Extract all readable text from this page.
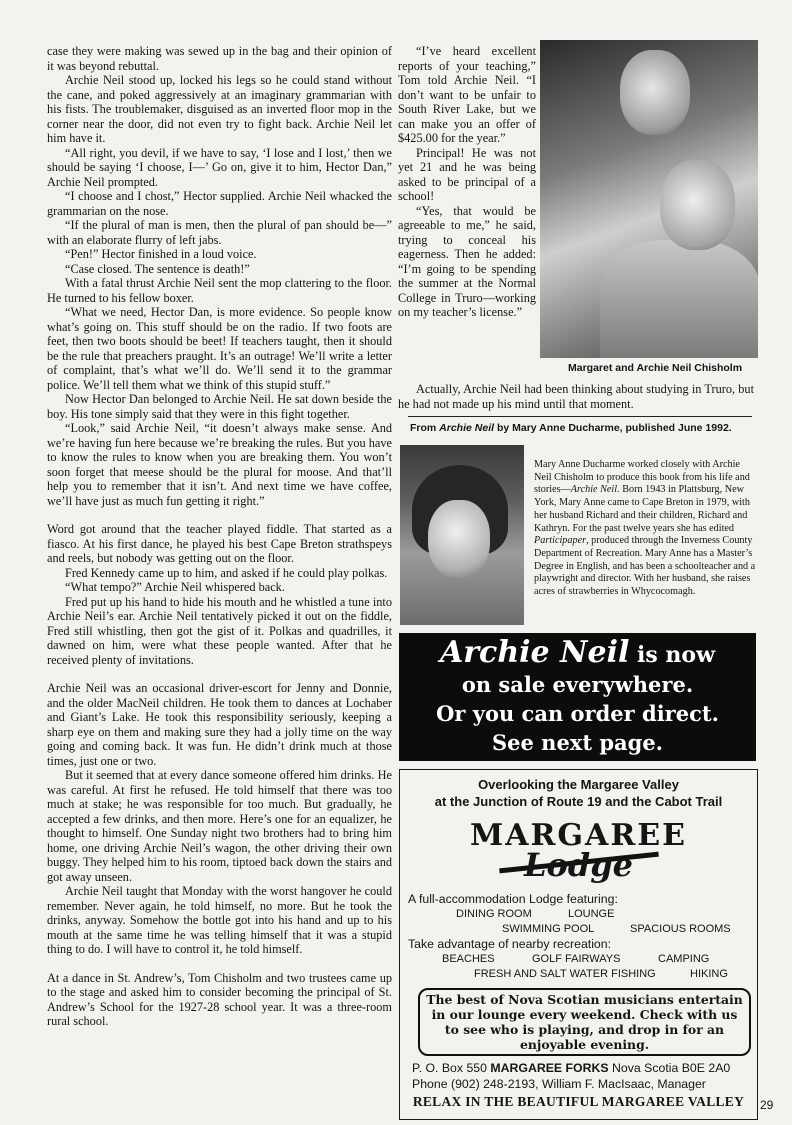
case they were making was sewed up in the bag and their opinion of it was beyond rebuttal.

Archie Neil stood up, locked his legs so he could stand without the cane, and poked aggressively at an imaginary grammarian with his fists. The troublemaker, disguised as an inverted floor mop in the corner near the door, did not even try to fight back. Archie Neil let him have it.

“All right, you devil, if we have to say, ‘I lose and I lost,’ then we should be saying ‘I choose, I—’ Go on, give it to him, Hector Dan,” Archie Neil prompted.

“I choose and I chost,” Hector supplied. Archie Neil whacked the grammarian on the nose.

“If the plural of man is men, then the plural of pan should be—” with an elaborate flurry of left jabs.

“Pen!” Hector finished in a loud voice.

“Case closed. The sentence is death!”

With a fatal thrust Archie Neil sent the mop clattering to the floor. He turned to his fellow boxer.

“What we need, Hector Dan, is more evidence. So people know what’s going on. This stuff should be on the radio. If two foots are feet, then two boots should be beet! If teachers taught, then it should be the rule that preachers praught. It’s an outrage! We’ll write a letter of complaint, that’s what we’ll do. We’ll send it to the grammar police. We’ll tell them what we think of this stupid stuff.”

Now Hector Dan belonged to Archie Neil. He sat down beside the boy. His tone simply said that they were in this fight together.

“Look,” said Archie Neil, “it doesn’t always make sense. And we’re having fun here because we’re breaking the rules. But you have to know the rules to know when you are breaking them. You won’t soon forget that meese should be the plural for moose. And that’ll help you to remember that it isn’t. And next time we have coffee, we’ll have just as much fun getting it right.”

Word got around that the teacher played fiddle. That started as a fiasco. At his first dance, he played his best Cape Breton strathspeys and reels, but nobody was getting out on the floor.

Fred Kennedy came up to him, and asked if he could play polkas.

“What tempo?” Archie Neil whispered back.

Fred put up his hand to hide his mouth and he whistled a tune into Archie Neil’s ear. Archie Neil tentatively picked it out on the fiddle, Fred still whistling, then got the gist of it. Polkas and quadrilles, it dawned on him, were what these people wanted. After that he received plenty of invitations.

Archie Neil was an occasional driver-escort for Jenny and Donnie, and the older MacNeil children. He took them to dances at Lochaber and Giant’s Lake. He took this responsibility seriously, keeping a sharp eye on them and making sure they had a jolly time on the way going and coming back. It was fun. He didn’t drink much at those times, just one or two.

But it seemed that at every dance someone offered him drinks. He was careful. At first he refused. He told himself that there was too much at stake; he was responsible for too much. But gradually, he accepted a few drinks, and then more. Here’s one for an equalizer, he thought to himself. One Sunday night two brothers had to bring him home, one driving Archie Neil’s wagon, the other driving their own buggy. They helped him to his room, tiptoed back down the stairs and got away unseen.

Archie Neil taught that Monday with the worst hangover he could remember. Never again, he told himself, no more. But he took the drinks, anyway. Somehow the bottle got into his hand and up to his mouth at the same time he was telling himself that it was a stupid thing to do. I will have to control it, he told himself.

At a dance in St. Andrew’s, Tom Chisholm and two trustees came up to the stage and asked him to consider becoming the principal of St. Andrew’s School for the 1927-28 school year. It was a three-room rural school.

“I’ve heard excellent reports of your teaching,” Tom told Archie Neil. “I don’t want to be unfair to South River Lake, but we can make you an offer of $425.00 for the year.”

Principal! He was not yet 21 and he was being asked to be principal of a school!

“Yes, that would be agreeable to me,” he said, trying to conceal his eagerness. Then he added: “I’m going to be spending the summer at the Normal College in Truro—working on my teacher’s license.”

Margaret and Archie Neil Chisholm

Actually, Archie Neil had been thinking about studying in Truro, but he had not made up his mind until that moment.

From Archie Neil by Mary Anne Ducharme, published June 1992.
Mary Anne Ducharme worked closely with Archie Neil Chisholm to produce this book from his life and stories—Archie Neil. Born 1943 in Plattsburg, New York, Mary Anne came to Cape Breton in 1979, with her husband Richard and their children, Richard and Kathryn. For the past twelve years she has edited Participaper, produced through the Inverness County Department of Recreation. Mary Anne has a Master’s Degree in English, and has been a schoolteacher and a playwright and director. With her husband, she raises acres of strawberries in Whycocomagh.
Archie Neil is now
on sale everywhere.
Or you can order direct.
See next page.
Overlooking the Margaree Valley
at the Junction of Route 19 and the Cabot Trail
MARGAREE
Lodge
A full-accommodation Lodge featuring:
DINING ROOM	LOUNGE
SWIMMING POOL	SPACIOUS ROOMS
Take advantage of nearby recreation:
BEACHES	GOLF FAIRWAYS	CAMPING
FRESH AND SALT WATER FISHING	HIKING
The best of Nova Scotian musicians entertain in our lounge every weekend. Check with us to see who is playing, and drop in for an enjoyable evening.
P. O. Box 550 MARGAREE FORKS Nova Scotia B0E 2A0
Phone (902) 248-2193, William F. MacIsaac, Manager
RELAX IN THE BEAUTIFUL MARGAREE VALLEY	29
